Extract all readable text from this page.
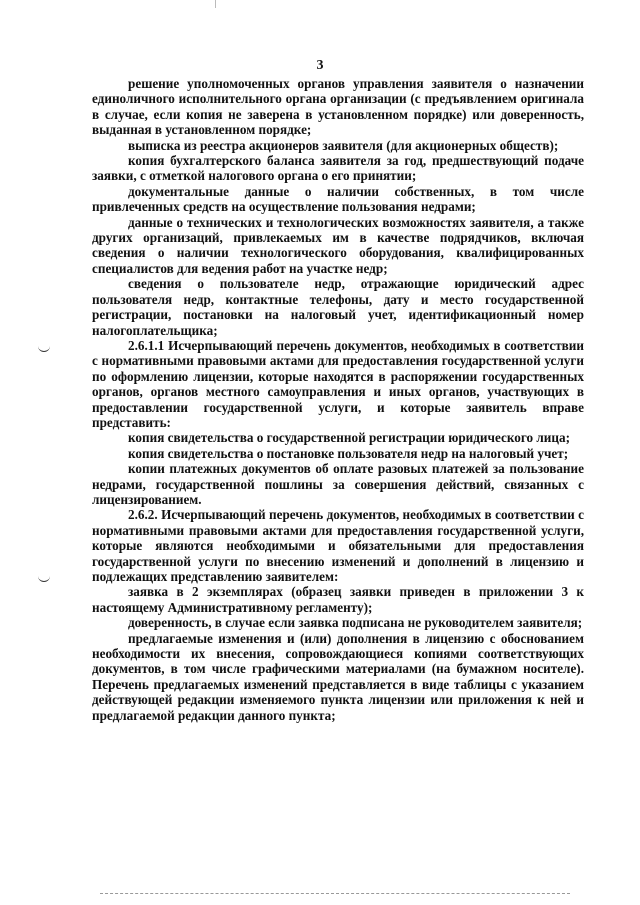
3

решение уполномоченных органов управления заявителя о назначении единоличного исполнительного органа организации (с предъявлением оригинала в случае, если копия не заверена в установленном порядке) или доверенность, выданная в установленном порядке;

выписка из реестра акционеров заявителя (для акционерных обществ);

копия бухгалтерского баланса заявителя за год, предшествующий подаче заявки, с отметкой налогового органа о его принятии;

документальные данные о наличии собственных, в том числе привлеченных средств на осуществление пользования недрами;

данные о технических и технологических возможностях заявителя, а также других организаций, привлекаемых им в качестве подрядчиков, включая сведения о наличии технологического оборудования, квалифицированных специалистов для ведения работ на участке недр;

сведения о пользователе недр, отражающие юридический адрес пользователя недр, контактные телефоны, дату и место государственной регистрации, постановки на налоговый учет, идентификационный номер налогоплательщика;

2.6.1.1 Исчерпывающий перечень документов, необходимых в соответствии с нормативными правовыми актами для предоставления государственной услуги по оформлению лицензии, которые находятся в распоряжении государственных органов, органов местного самоуправления и иных органов, участвующих в предоставлении государственной услуги, и которые заявитель вправе представить:

копия свидетельства о государственной регистрации юридического лица;

копия свидетельства о постановке пользователя недр на налоговый учет;

копии платежных документов об оплате разовых платежей за пользование недрами, государственной пошлины за совершения действий, связанных с лицензированием.

2.6.2. Исчерпывающий перечень документов, необходимых в соответствии с нормативными правовыми актами для предоставления государственной услуги, которые являются необходимыми и обязательными для предоставления государственной услуги по внесению изменений и дополнений в лицензию и подлежащих представлению заявителем:

заявка в 2 экземплярах (образец заявки приведен в приложении 3 к настоящему Административному регламенту);

доверенность, в случае если заявка подписана не руководителем заявителя;

предлагаемые изменения и (или) дополнения в лицензию с обоснованием необходимости их внесения, сопровождающиеся копиями соответствующих документов, в том числе графическими материалами (на бумажном носителе). Перечень предлагаемых изменений представляется в виде таблицы с указанием действующей редакции изменяемого пункта лицензии или приложения к ней и предлагаемой редакции данного пункта;
